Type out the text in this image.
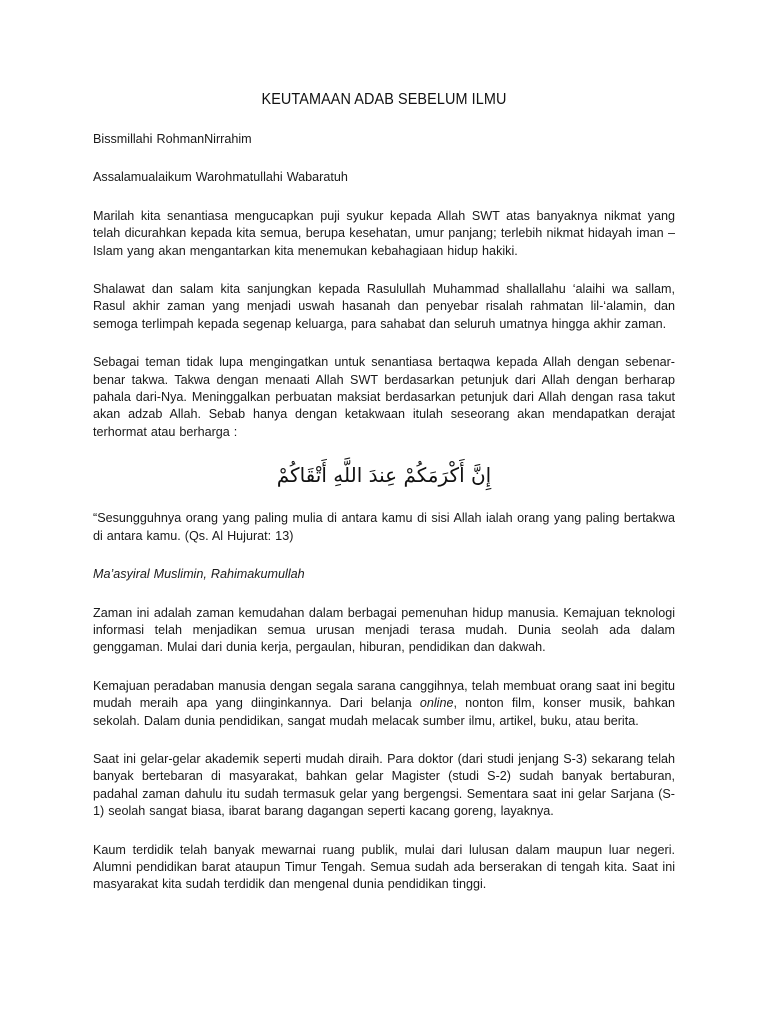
KEUTAMAAN ADAB SEBELUM ILMU

Bissmillahi RohmanNirrahim

Assalamualaikum Warohmatullahi Wabaratuh

Marilah kita senantiasa mengucapkan puji syukur kepada Allah SWT atas banyaknya nikmat yang telah dicurahkan kepada kita semua, berupa kesehatan, umur panjang; terlebih nikmat hidayah iman – Islam yang akan mengantarkan kita menemukan kebahagiaan hidup hakiki.

Shalawat dan salam kita sanjungkan kepada Rasulullah Muhammad shallallahu ‘alaihi wa sallam, Rasul akhir zaman yang menjadi uswah hasanah dan penyebar risalah rahmatan lil-‘alamin, dan semoga terlimpah kepada segenap keluarga, para sahabat dan seluruh umatnya hingga akhir zaman.

Sebagai teman tidak lupa mengingatkan untuk senantiasa bertaqwa kepada Allah dengan sebenar-benar takwa. Takwa dengan menaati Allah SWT berdasarkan petunjuk dari Allah dengan berharap pahala dari-Nya. Meninggalkan perbuatan maksiat berdasarkan petunjuk dari Allah dengan rasa takut akan adzab Allah. Sebab hanya dengan ketakwaan itulah seseorang akan mendapatkan derajat terhormat atau berharga :

إِنَّ أَكْرَمَكُمْ عِندَ اللَّهِ أَتْقَاكُمْ

“Sesungguhnya orang yang paling mulia di antara kamu di sisi Allah ialah orang yang paling bertakwa di antara kamu. (Qs. Al Hujurat: 13)

Ma’asyiral Muslimin, Rahimakumullah

Zaman ini adalah zaman kemudahan dalam berbagai pemenuhan hidup manusia. Kemajuan teknologi informasi telah menjadikan semua urusan menjadi terasa mudah. Dunia seolah ada dalam genggaman. Mulai dari dunia kerja, pergaulan, hiburan, pendidikan dan dakwah.

Kemajuan peradaban manusia dengan segala sarana canggihnya, telah membuat orang saat ini begitu mudah meraih apa yang diinginkannya. Dari belanja online, nonton film, konser musik, bahkan sekolah. Dalam dunia pendidikan, sangat mudah melacak sumber ilmu, artikel, buku, atau berita.

Saat ini gelar-gelar akademik seperti mudah diraih. Para doktor (dari studi jenjang S-3) sekarang telah banyak bertebaran di masyarakat, bahkan gelar Magister (studi S-2) sudah banyak bertaburan, padahal zaman dahulu itu sudah termasuk gelar yang bergengsi. Sementara saat ini gelar Sarjana (S-1) seolah sangat biasa, ibarat barang dagangan seperti kacang goreng, layaknya.

Kaum terdidik telah banyak mewarnai ruang publik, mulai dari lulusan dalam maupun luar negeri. Alumni pendidikan barat ataupun Timur Tengah. Semua sudah ada berserakan di tengah kita. Saat ini masyarakat kita sudah terdidik dan mengenal dunia pendidikan tinggi.
